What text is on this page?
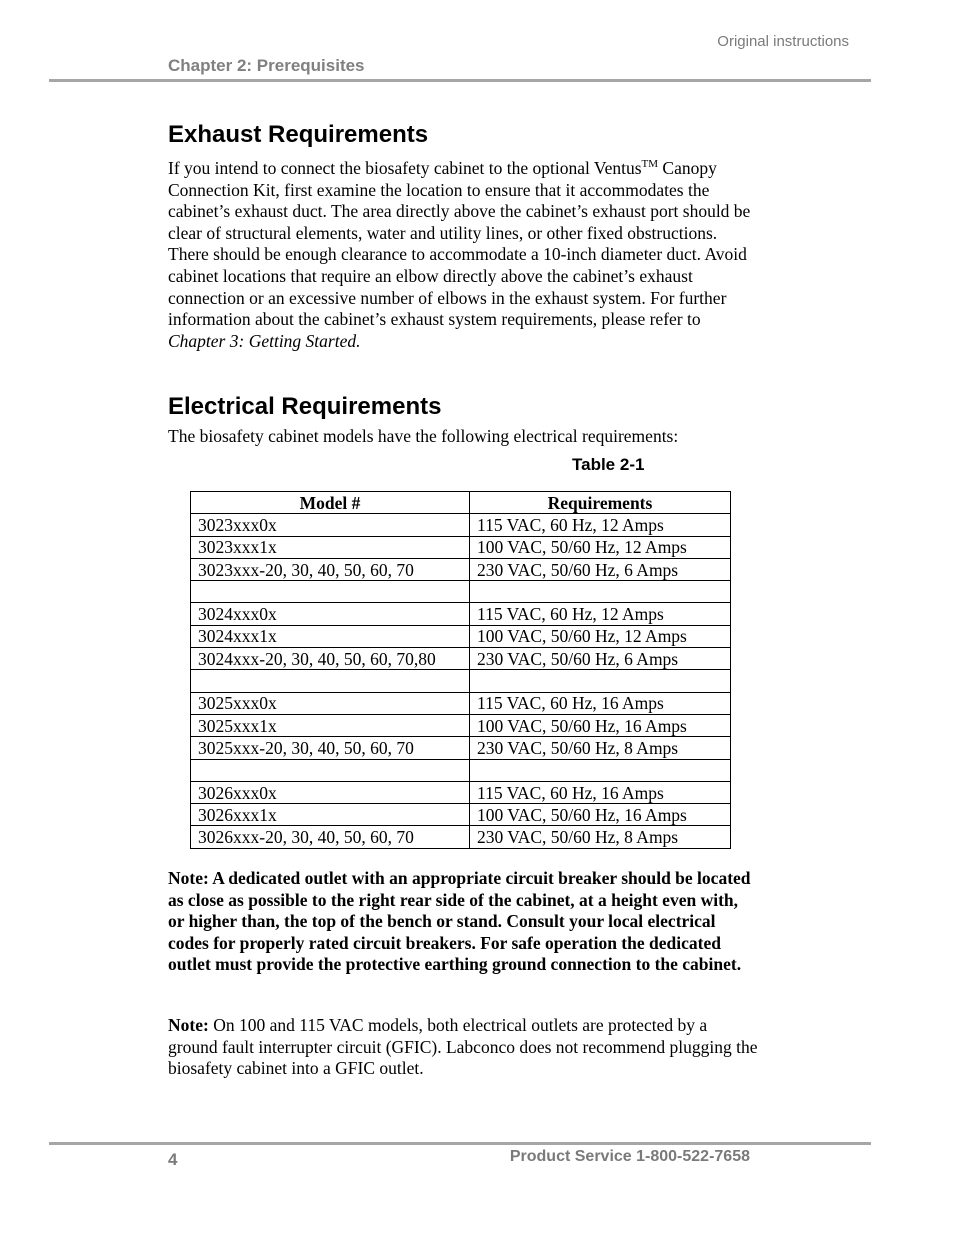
Original instructions
Chapter 2: Prerequisites
Exhaust Requirements

If you intend to connect the biosafety cabinet to the optional Ventus™ Canopy Connection Kit, first examine the location to ensure that it accommodates the cabinet’s exhaust duct. The area directly above the cabinet’s exhaust port should be clear of structural elements, water and utility lines, or other fixed obstructions. There should be enough clearance to accommodate a 10-inch diameter duct. Avoid cabinet locations that require an elbow directly above the cabinet’s exhaust connection or an excessive number of elbows in the exhaust system. For further information about the cabinet’s exhaust system requirements, please refer to Chapter 3: Getting Started.

Electrical Requirements

The biosafety cabinet models have the following electrical requirements:

Table 2-1
Model #	Requirements
3023xxx0x	115 VAC, 60 Hz, 12 Amps
3023xxx1x	100 VAC, 50/60 Hz, 12 Amps
3023xxx-20, 30, 40, 50, 60, 70	230 VAC, 50/60 Hz, 6 Amps

3024xxx0x	115 VAC, 60 Hz, 12 Amps
3024xxx1x	100 VAC, 50/60 Hz, 12 Amps
3024xxx-20, 30, 40, 50, 60, 70,80	230 VAC, 50/60 Hz, 6 Amps

3025xxx0x	115 VAC, 60 Hz, 16 Amps
3025xxx1x	100 VAC, 50/60 Hz, 16 Amps
3025xxx-20, 30, 40, 50, 60, 70	230 VAC, 50/60 Hz, 8 Amps

3026xxx0x	115 VAC, 60 Hz, 16 Amps
3026xxx1x	100 VAC, 50/60 Hz, 16 Amps
3026xxx-20, 30, 40, 50, 60, 70	230 VAC, 50/60 Hz, 8 Amps

Note: A dedicated outlet with an appropriate circuit breaker should be located as close as possible to the right rear side of the cabinet, at a height even with, or higher than, the top of the bench or stand. Consult your local electrical codes for properly rated circuit breakers. For safe operation the dedicated outlet must provide the protective earthing ground connection to the cabinet.

Note: On 100 and 115 VAC models, both electrical outlets are protected by a ground fault interrupter circuit (GFIC). Labconco does not recommend plugging the biosafety cabinet into a GFIC outlet.

4	Product Service 1-800-522-7658
